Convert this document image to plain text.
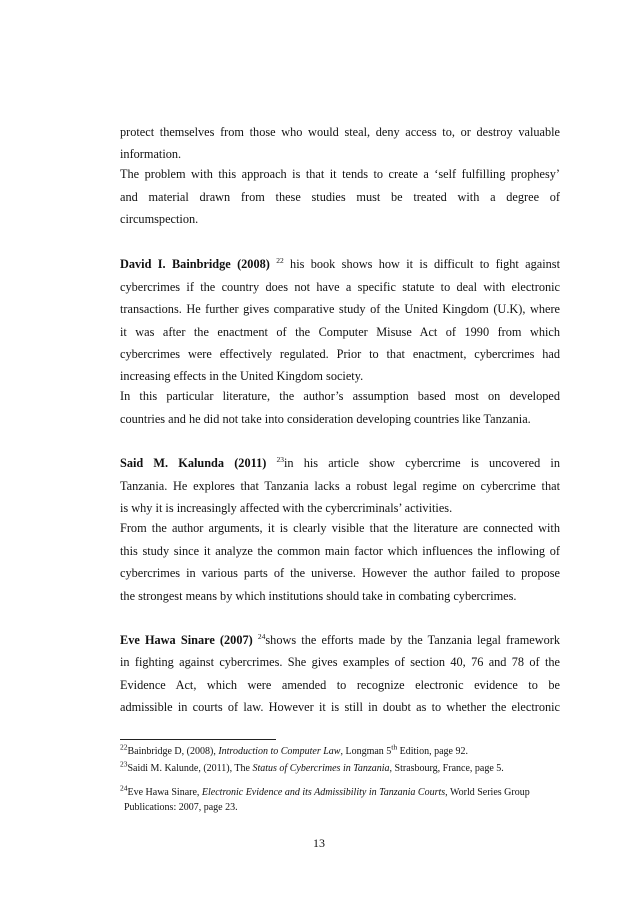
protect themselves from those who would steal, deny access to, or destroy valuable
information.
The problem with this approach is that it tends to create a ‘self fulfilling prophesy’
and material drawn from these studies must be treated with a degree of
circumspection.
David I. Bainbridge (2008) $^{22}$ his book shows how it is difficult to fight against
cybercrimes if the country does not have a specific statute to deal with electronic
transactions. He further gives comparative study of the United Kingdom (U.K), where
it was after the enactment of the Computer Misuse Act of 1990 from which
cybercrimes were effectively regulated. Prior to that enactment, cybercrimes had
increasing effects in the United Kingdom society.
In this particular literature, the author’s assumption based most on developed
countries and he did not take into consideration developing countries like Tanzania.
Said M. Kalunda (2011) $^{23}$in his article show cybercrime is uncovered in
Tanzania. He explores that Tanzania lacks a robust legal regime on cybercrime that
is why it is increasingly affected with the cybercriminals’ activities.
From the author arguments, it is clearly visible that the literature are connected with
this study since it analyze the common main factor which influences the inflowing of
cybercrimes in various parts of the universe. However the author failed to propose
the strongest means by which institutions should take in combating cybercrimes.
Eve Hawa Sinare (2007) $^{24}$shows the efforts made by the Tanzania legal framework
in fighting against cybercrimes. She gives examples of section 40, 76 and 78 of the
Evidence Act, which were amended to recognize electronic evidence to be
admissible in courts of law. However it is still in doubt as to whether the electronic
$^{22}$Bainbridge D, (2008), Introduction to Computer Law, Longman 5th Edition, page 92.
$^{23}$Saidi M. Kalunde, (2011), The Status of Cybercrimes in Tanzania, Strasbourg, France, page 5.
$^{24}$Eve Hawa Sinare, Electronic Evidence and its Admissibility in Tanzania Courts, World Series Group
Publications: 2007, page 23.
13
